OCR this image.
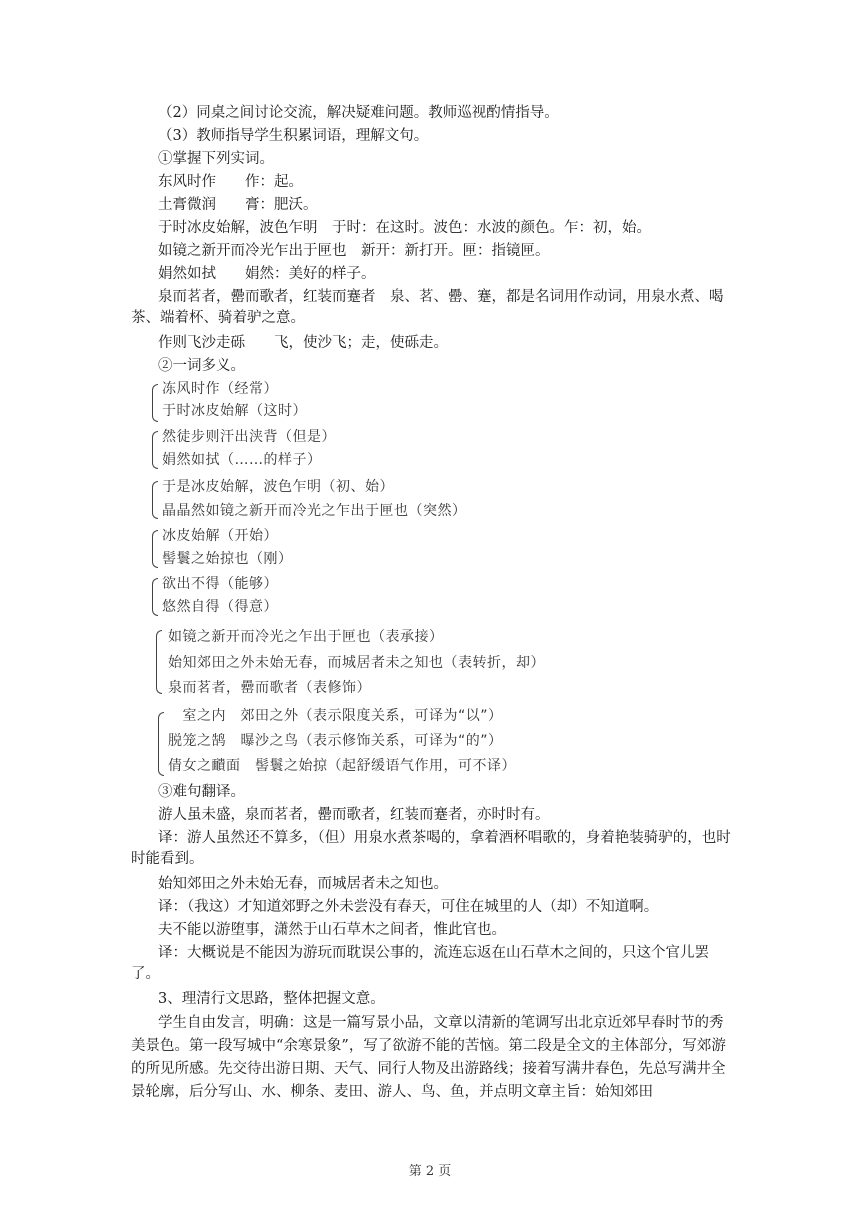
（2）同桌之间讨论交流，解决疑难问题。教师巡视酌情指导。
（3）教师指导学生积累词语，理解文句。
①掌握下列实词。
东风时作　　作：起。
土膏微润　　膏：肥沃。
于时冰皮始解，波色乍明　于时：在这时。波色：水波的颜色。乍：初，始。
如镜之新开而冷光乍出于匣也　新开：新打开。匣：指镜匣。
娟然如拭　　娟然：美好的样子。
泉而茗者，罍而歌者，红装而蹇者　泉、茗、罍、蹇，都是名词用作动词，用泉水煮、喝茶、端着杯、骑着驴之意。
作则飞沙走砾　　飞，使沙飞；走，使砾走。
②一词多义。
冻风时作（经常）
于时冰皮始解（这时）
然徒步则汗出浃背（但是）
娟然如拭（……的样子）
于是冰皮始解，波色乍明（初、始）
晶晶然如镜之新开而冷光之乍出于匣也（突然）
冰皮始解（开始）
髻鬟之始掠也（刚）
欲出不得（能够）
悠然自得（得意）
如镜之新开而冷光之乍出于匣也（表承接）
始知郊田之外未始无春，而城居者未之知也（表转折，却）
泉而茗者，罍而歌者（表修饰）
　室之内　郊田之外（表示限度关系，可译为“以”）
脱笼之鹄　曝沙之鸟（表示修饰关系，可译为“的”）
倩女之靧面　髻鬟之始掠（起舒缓语气作用，可不译）
③难句翻译。
游人虽未盛，泉而茗者，罍而歌者，红装而蹇者，亦时时有。
译：游人虽然还不算多，（但）用泉水煮茶喝的，拿着酒杯唱歌的，身着艳装骑驴的，也时时能看到。
始知郊田之外未始无春，而城居者未之知也。
译：（我这）才知道郊野之外未尝没有春天，可住在城里的人（却）不知道啊。
夫不能以游堕事，潇然于山石草木之间者，惟此官也。
译：大概说是不能因为游玩而耽误公事的，流连忘返在山石草木之间的，只这个官儿罢了。
3、理清行文思路，整体把握文意。
学生自由发言，明确：这是一篇写景小品，文章以清新的笔调写出北京近郊早春时节的秀美景色。第一段写城中“余寒景象”，写了欲游不能的苦恼。第二段是全文的主体部分，写郊游的所见所感。先交待出游日期、天气、同行人物及出游路线；接着写满井春色，先总写满井全景轮廓，后分写山、水、柳条、麦田、游人、鸟、鱼，并点明文章主旨：始知郊田
第 2 页
